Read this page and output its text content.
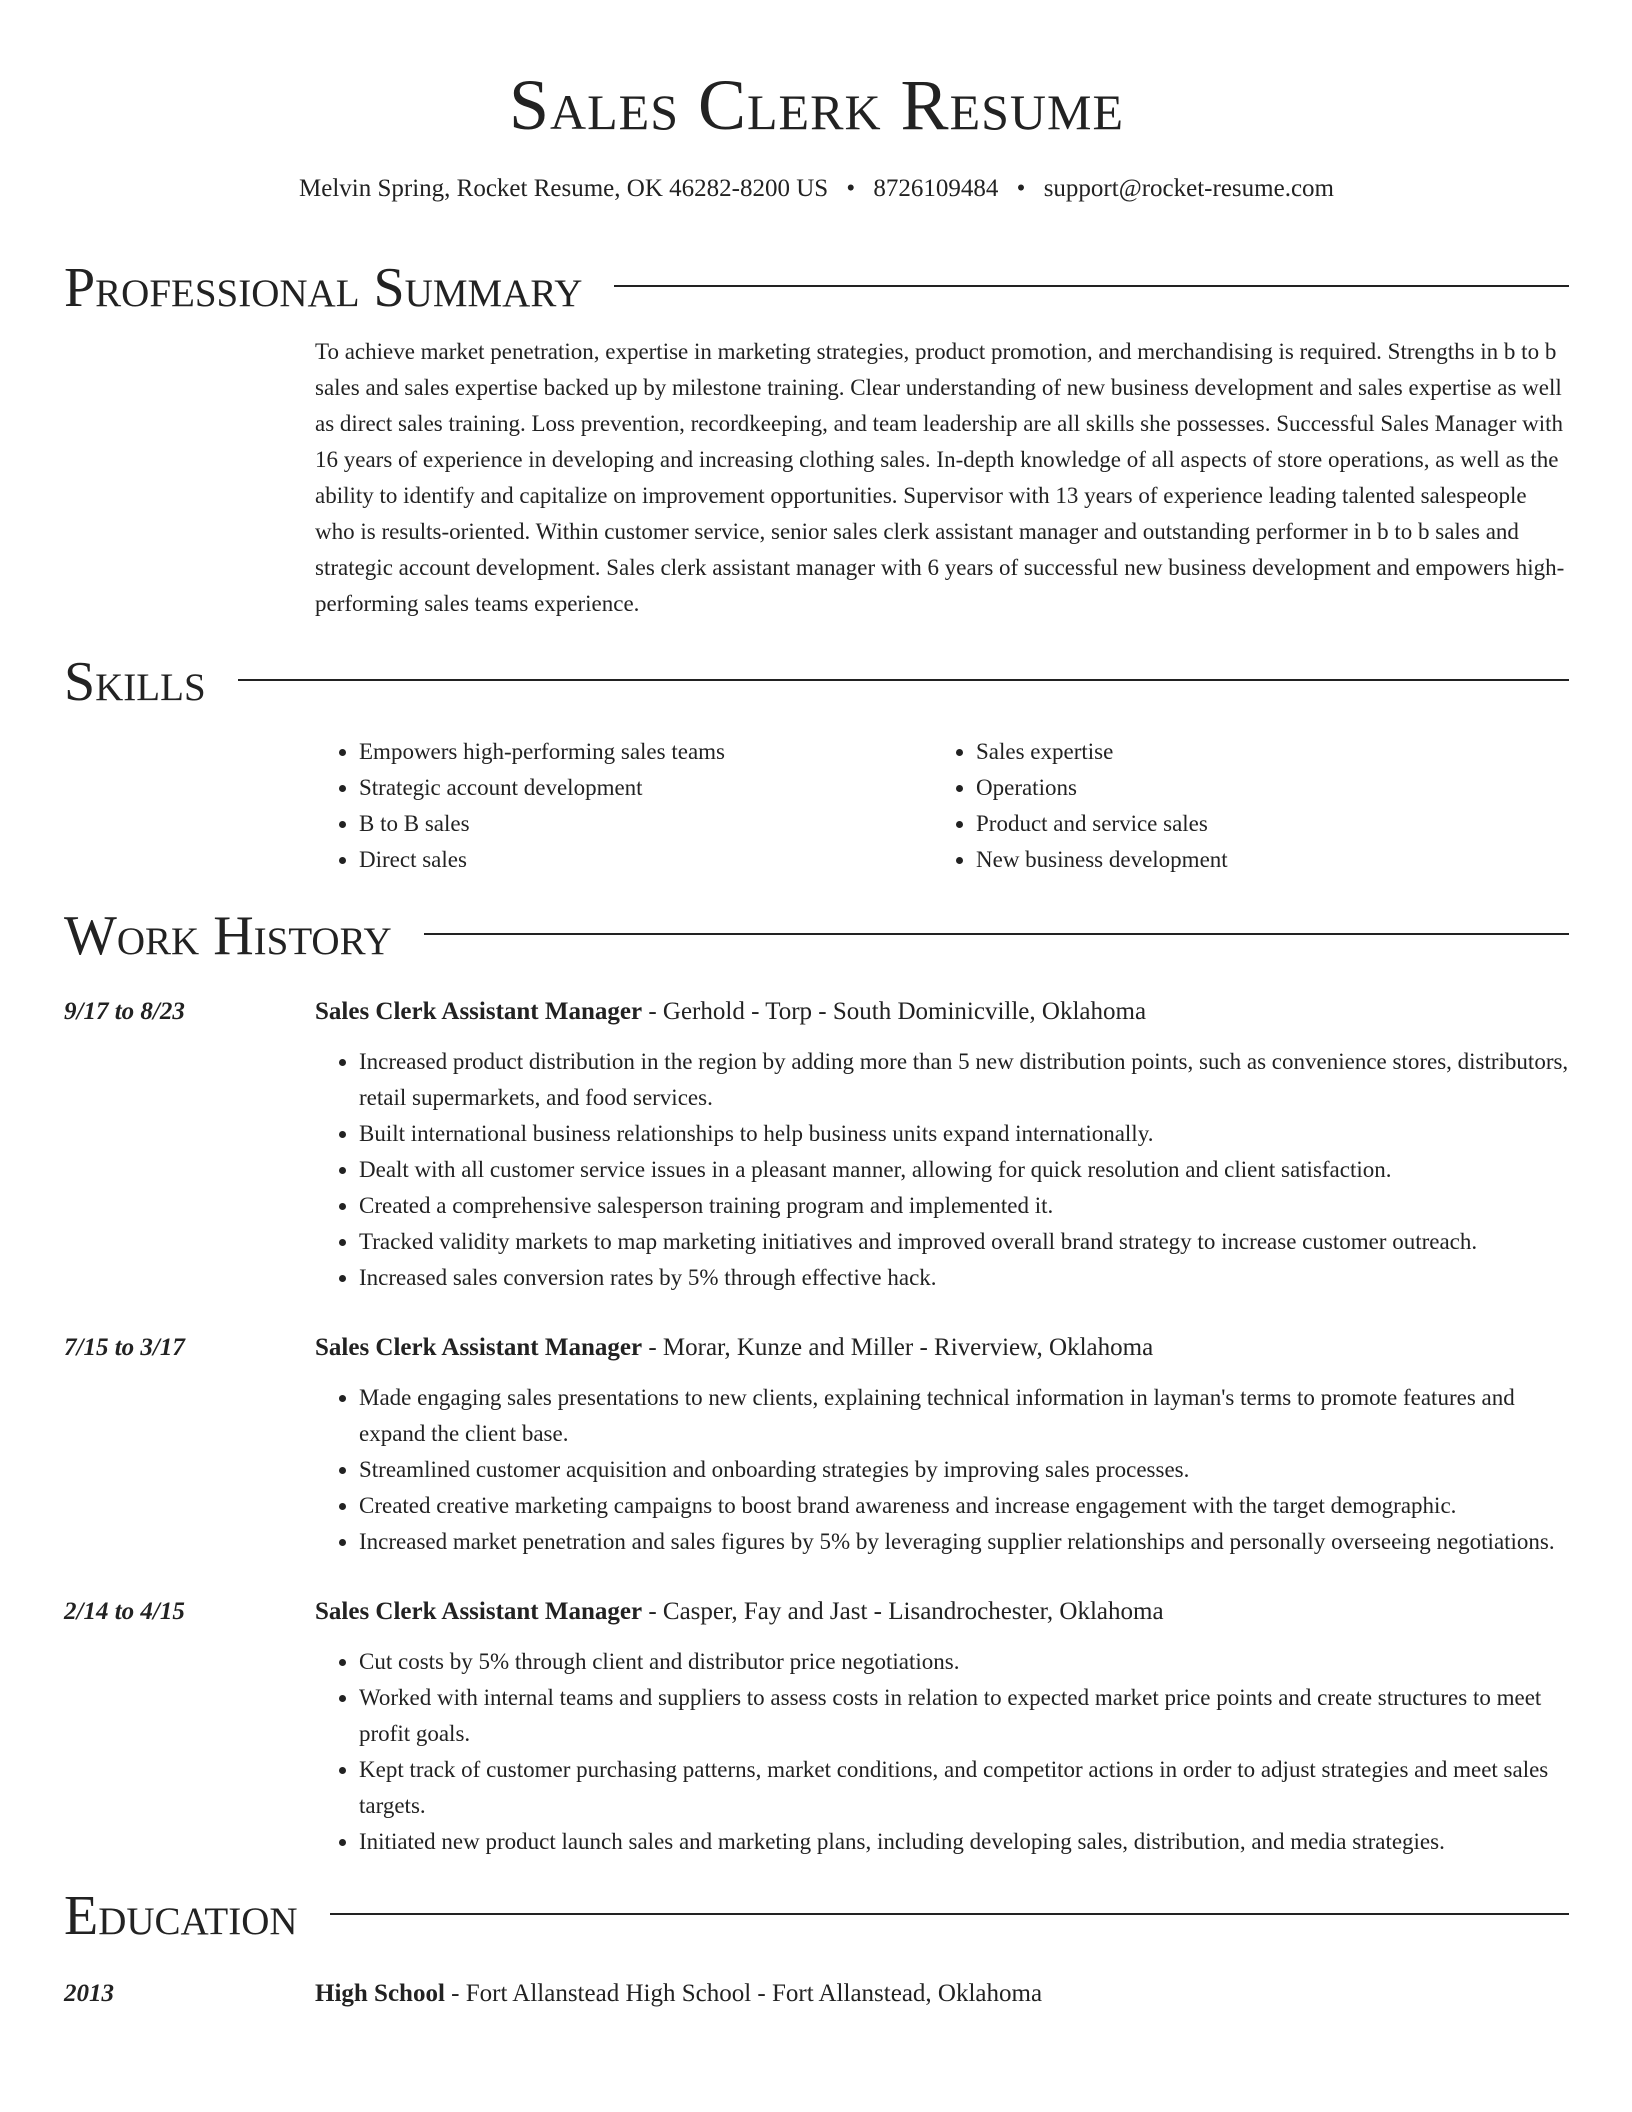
Sales Clerk Resume
Melvin Spring, Rocket Resume, OK 46282-8200 US • 8726109484 • support@rocket-resume.com
Professional Summary
To achieve market penetration, expertise in marketing strategies, product promotion, and merchandising is required. Strengths in b to b sales and sales expertise backed up by milestone training. Clear understanding of new business development and sales expertise as well as direct sales training. Loss prevention, recordkeeping, and team leadership are all skills she possesses. Successful Sales Manager with 16 years of experience in developing and increasing clothing sales. In-depth knowledge of all aspects of store operations, as well as the ability to identify and capitalize on improvement opportunities. Supervisor with 13 years of experience leading talented salespeople who is results-oriented. Within customer service, senior sales clerk assistant manager and outstanding performer in b to b sales and strategic account development. Sales clerk assistant manager with 6 years of successful new business development and empowers high-performing sales teams experience.
Skills
• Empowers high-performing sales teams
• Strategic account development
• B to B sales
• Direct sales
• Sales expertise
• Operations
• Product and service sales
• New business development
Work History
9/17 to 8/23	Sales Clerk Assistant Manager - Gerhold - Torp - South Dominicville, Oklahoma
• Increased product distribution in the region by adding more than 5 new distribution points, such as convenience stores, distributors, retail supermarkets, and food services.
• Built international business relationships to help business units expand internationally.
• Dealt with all customer service issues in a pleasant manner, allowing for quick resolution and client satisfaction.
• Created a comprehensive salesperson training program and implemented it.
• Tracked validity markets to map marketing initiatives and improved overall brand strategy to increase customer outreach.
• Increased sales conversion rates by 5% through effective hack.
7/15 to 3/17	Sales Clerk Assistant Manager - Morar, Kunze and Miller - Riverview, Oklahoma
• Made engaging sales presentations to new clients, explaining technical information in layman's terms to promote features and expand the client base.
• Streamlined customer acquisition and onboarding strategies by improving sales processes.
• Created creative marketing campaigns to boost brand awareness and increase engagement with the target demographic.
• Increased market penetration and sales figures by 5% by leveraging supplier relationships and personally overseeing negotiations.
2/14 to 4/15	Sales Clerk Assistant Manager - Casper, Fay and Jast - Lisandrochester, Oklahoma
• Cut costs by 5% through client and distributor price negotiations.
• Worked with internal teams and suppliers to assess costs in relation to expected market price points and create structures to meet profit goals.
• Kept track of customer purchasing patterns, market conditions, and competitor actions in order to adjust strategies and meet sales targets.
• Initiated new product launch sales and marketing plans, including developing sales, distribution, and media strategies.
Education
2013	High School - Fort Allanstead High School - Fort Allanstead, Oklahoma
